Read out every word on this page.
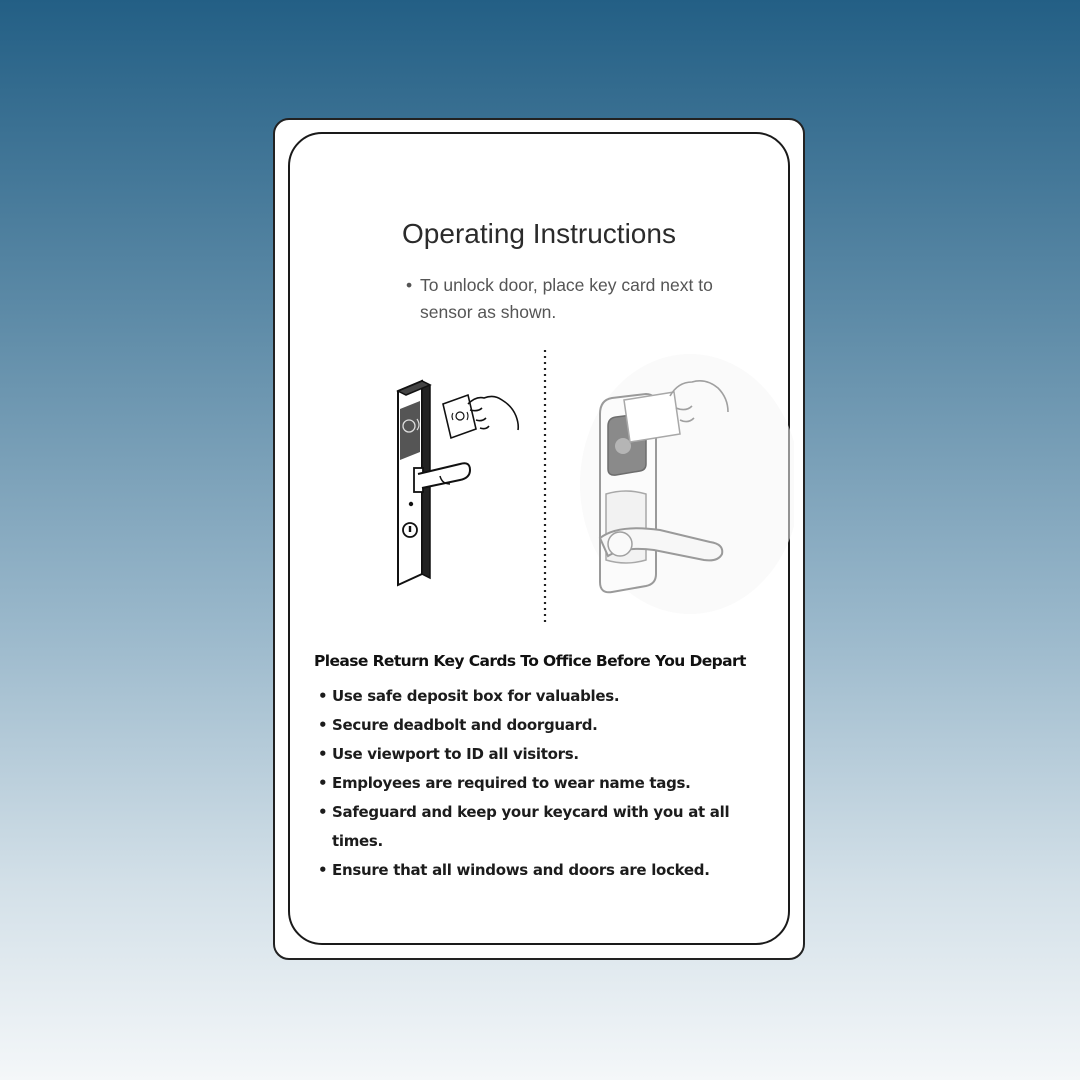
Operating Instructions
• To unlock door, place key card next to sensor as shown.
Please Return Key Cards To Office Before You Depart
• Use safe deposit box for valuables.
• Secure deadbolt and doorguard.
• Use viewport to ID all visitors.
• Employees are required to wear name tags.
• Safeguard and keep your keycard with you at all times.
• Ensure that all windows and doors are locked.
